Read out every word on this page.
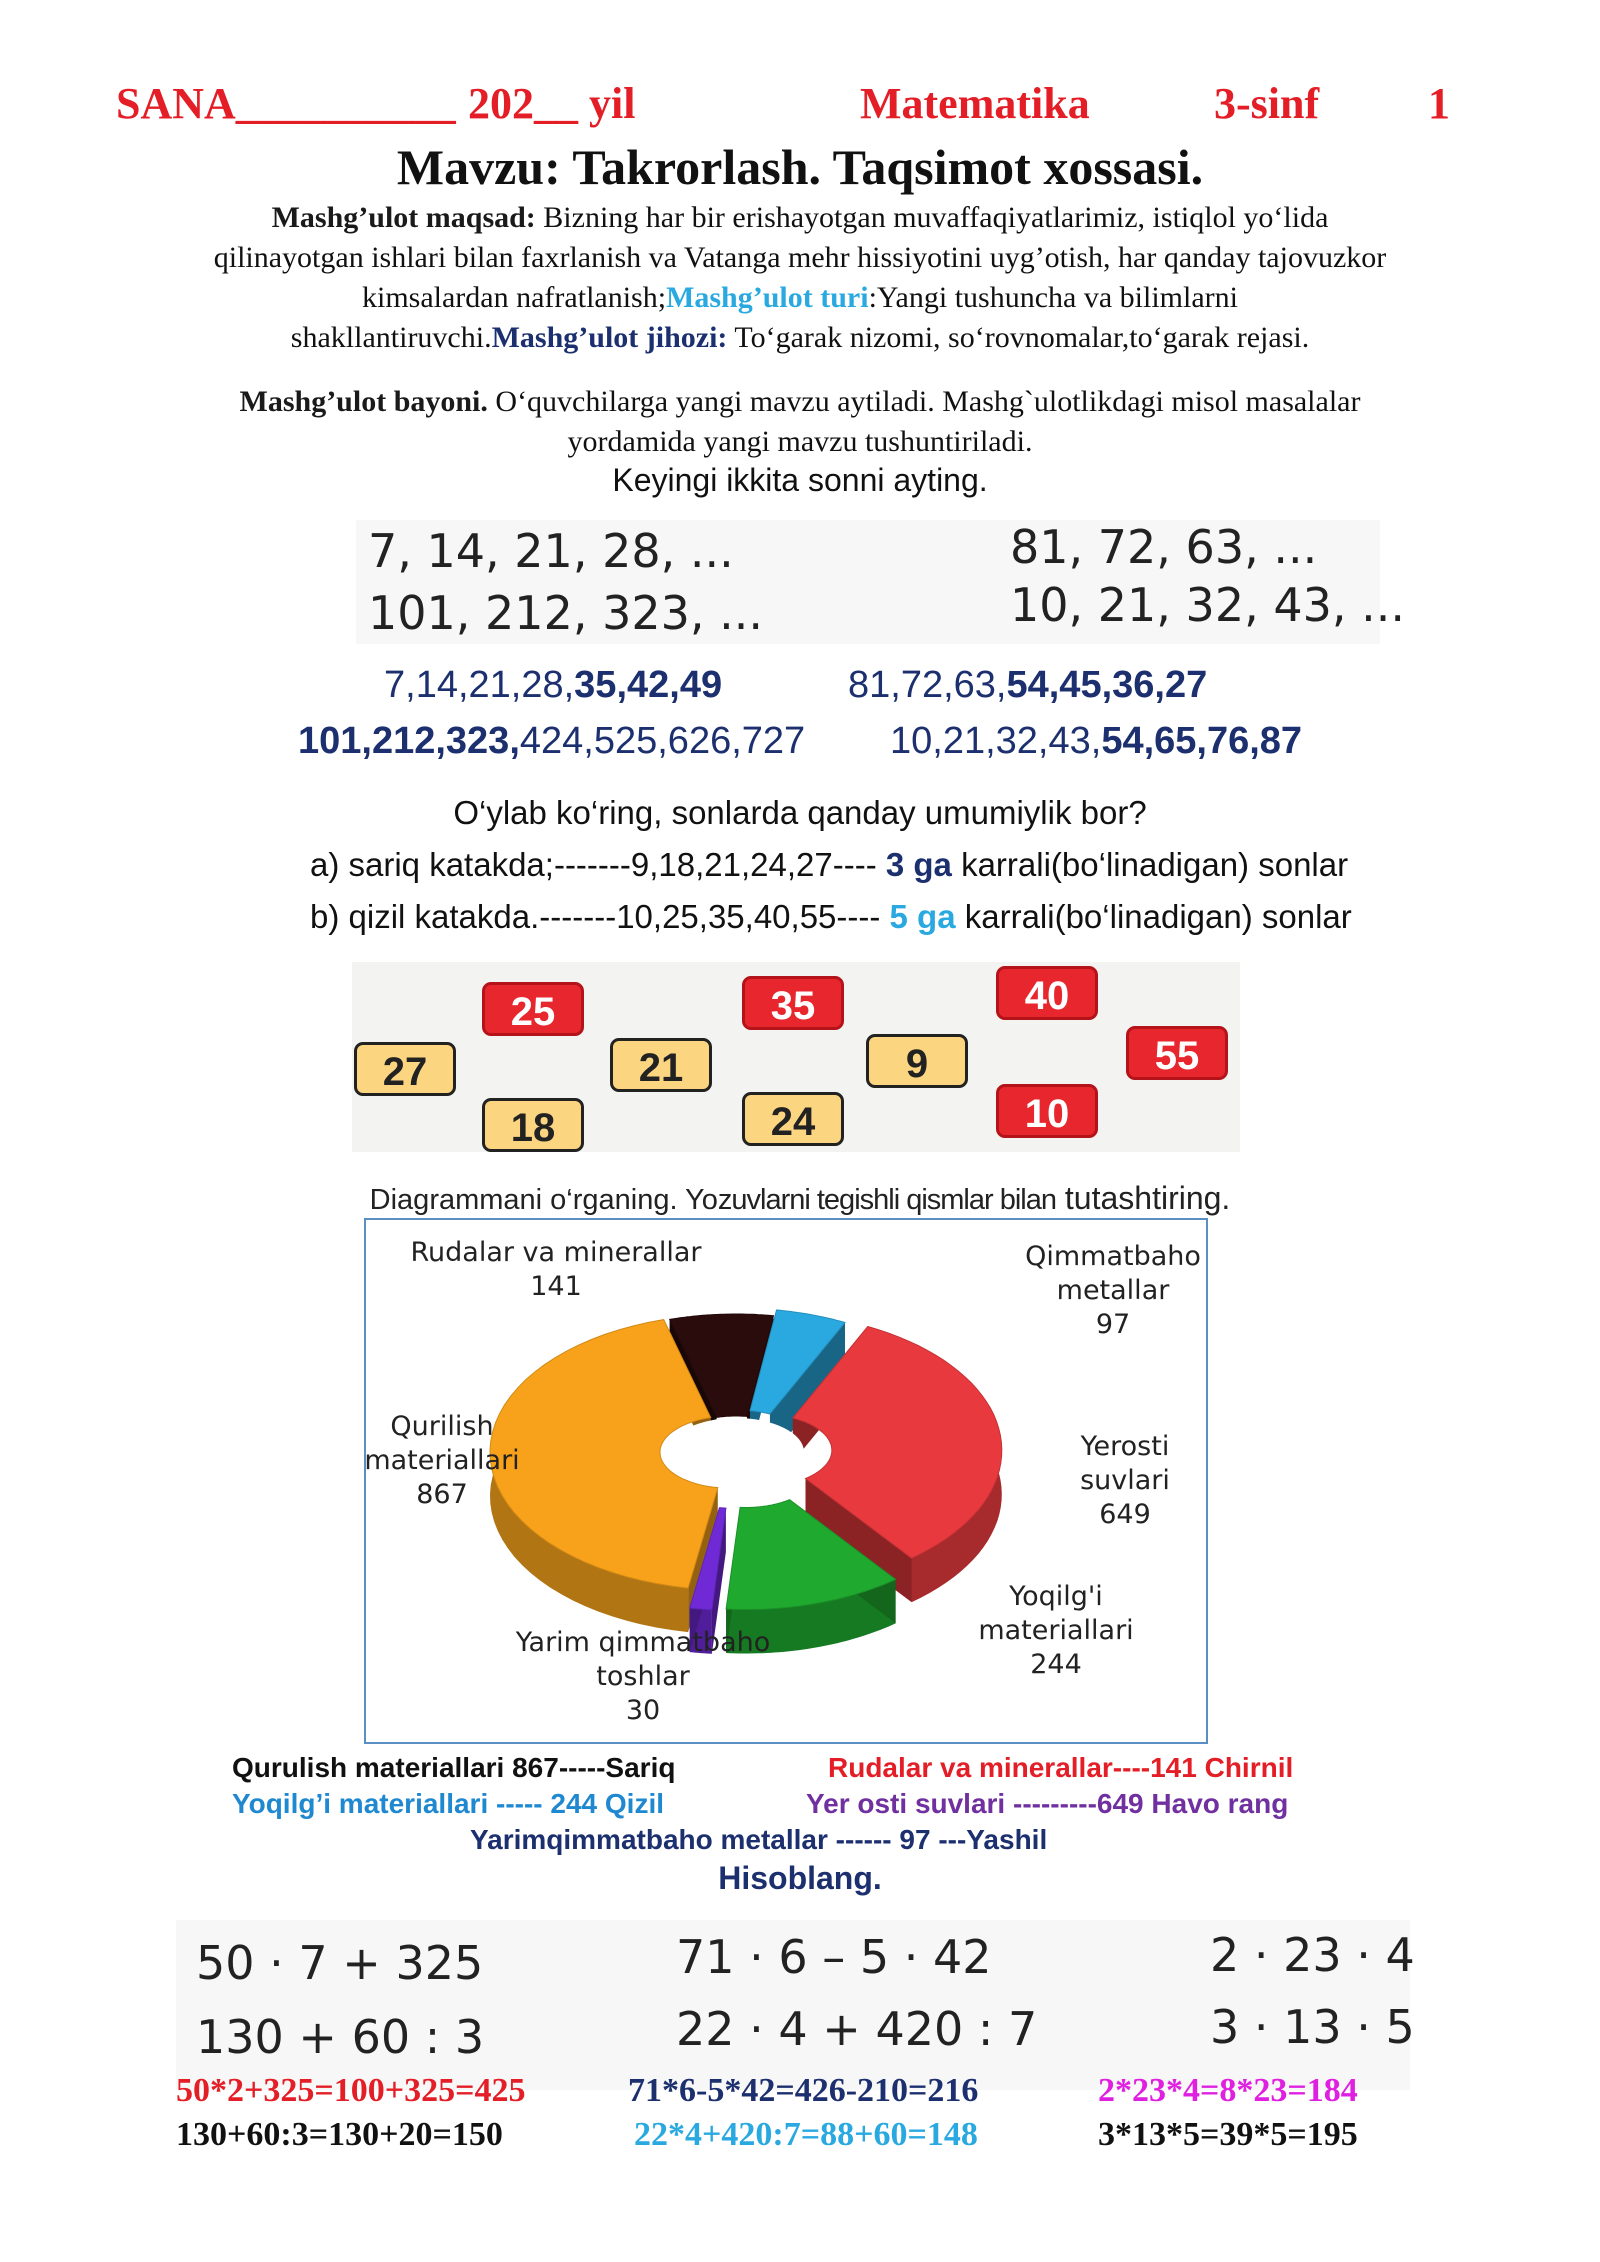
SANA__________ 202__ yil	Matematika	3-sinf 1
Mavzu: Takrorlash. Taqsimot xossasi.
Mashg’ulot maqsad: Bizning har bir erishayotgan muvaffaqiyatlarimiz, istiqlol yo‘lida
qilinayotgan ishlari bilan faxrlanish va Vatanga mehr hissiyotini uyg’otish, har qanday tajovuzkor
kimsalardan nafratlanish;Mashg’ulot turi:Yangi tushuncha va bilimlarni
shakllantiruvchi.Mashg’ulot jihozi: To‘garak nizomi, so‘rovnomalar,to‘garak rejasi.
Mashg’ulot bayoni. O‘quvchilarga yangi mavzu aytiladi. Mashg`ulotlikdagi misol masalalar
yordamida yangi mavzu tushuntiriladi.
Keyingi ikkita sonni ayting.
7, 14, 21, 28, ...
101, 212, 323, ...
81, 72, 63, ...
10, 21, 32, 43, ...
7,14,21,28,35,42,49
101,212,323,424,525,626,727
81,72,63,54,45,36,27
10,21,32,43,54,65,76,87
O‘ylab ko‘ring, sonlarda qanday umumiylik bor?
a) sariq katakda;-------9,18,21,24,27---- 3 ga karrali(bo‘linadigan) sonlar
b) qizil katakda.-------10,25,35,40,55---- 5 ga karrali(bo‘linadigan) sonlar
27
25
18
21
35
24
9
40
10
55
Diagrammani o‘rganing. Yozuvlarni tegishli qismlar bilan tutashtiring.
Rudalar va minerallar
141
Qimmatbaho
metallar
97
Yerosti
suvlari
649
Yoqilg'i
materiallari
244
Yarim qimmatbaho
toshlar
30
Qurilish
materiallari
867
Qurulish materiallari 867-----Sariq	Rudalar va minerallar----141 Chirnil
Yoqilg’i materiallari ----- 244 Qizil	Yer osti suvlari ---------649 Havo rang
Yarimqimmatbaho metallar ------ 97 ---Yashil
Hisoblang.
50 · 7 + 325
130 + 60 : 3
71 · 6 – 5 · 42
22 · 4 + 420 : 7
2 · 23 · 4
3 · 13 · 5
50*2+325=100+325=425
130+60:3=130+20=150
71*6-5*42=426-210=216
22*4+420:7=88+60=148
2*23*4=8*23=184
3*13*5=39*5=195
